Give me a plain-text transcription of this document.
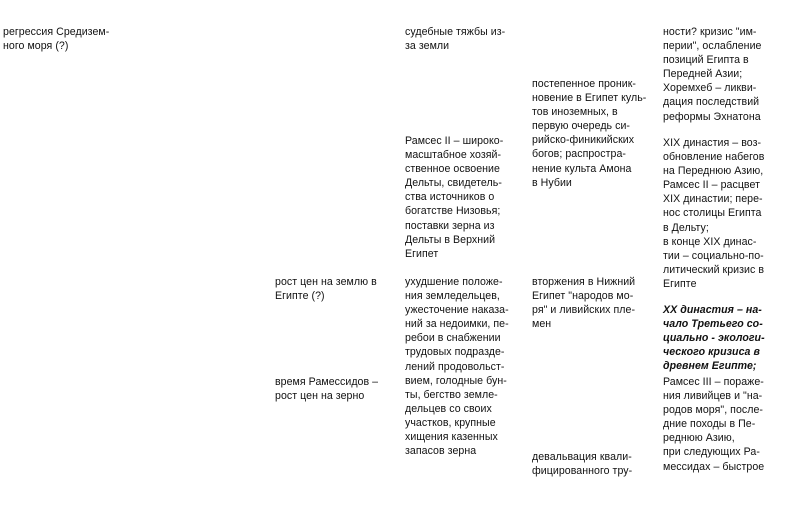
регрессия Средизем-
ного моря (?)
рост цен на землю в
Египте (?)
время Рамессидов –
рост цен на зерно
судебные тяжбы из-
за земли
Рамсес II – широко-
масштабное хозяй-
ственное освоение
Дельты, свидетель-
ства источников о
богатстве Низовья;
поставки зерна из
Дельты в Верхний
Египет
ухудшение положе-
ния земледельцев,
ужесточение наказа-
ний за недоимки, пе-
ребои в снабжении
трудовых подразде-
лений продовольст-
вием, голодные бун-
ты, бегство земле-
дельцев со своих
участков, крупные
хищения казенных
запасов зерна
постепенное проник-
новение в Египет куль-
тов иноземных, в
первую очередь си-
рийско-финикийских
богов; распростра-
нение культа Амона
в Нубии
вторжения в Нижний
Египет "народов мо-
ря" и ливийских пле-
мен
девальвация квали-
фицированного тру-
ности? кризис "им-
перии", ослабление
позиций Египта в
Передней Азии;
Хоремхеб – ликви-
дация последствий
реформы Эхнатона
XIX династия – воз-
обновление набегов
на Переднюю Азию,
Рамсес II – расцвет
XIX династии; пере-
нос столицы Египта
в Дельту;
в конце XIX динас-
тии – социально-по-
литический кризис в
Египте
XX династия – на-
чало Третьего со-
циально - экологи-
ческого кризиса в
древнем Египте;
Рамсес III – пораже-
ния ливийцев и "на-
родов моря", после-
дние походы в Пе-
реднюю Азию,
при следующих Ра-
мессидах – быстрое
